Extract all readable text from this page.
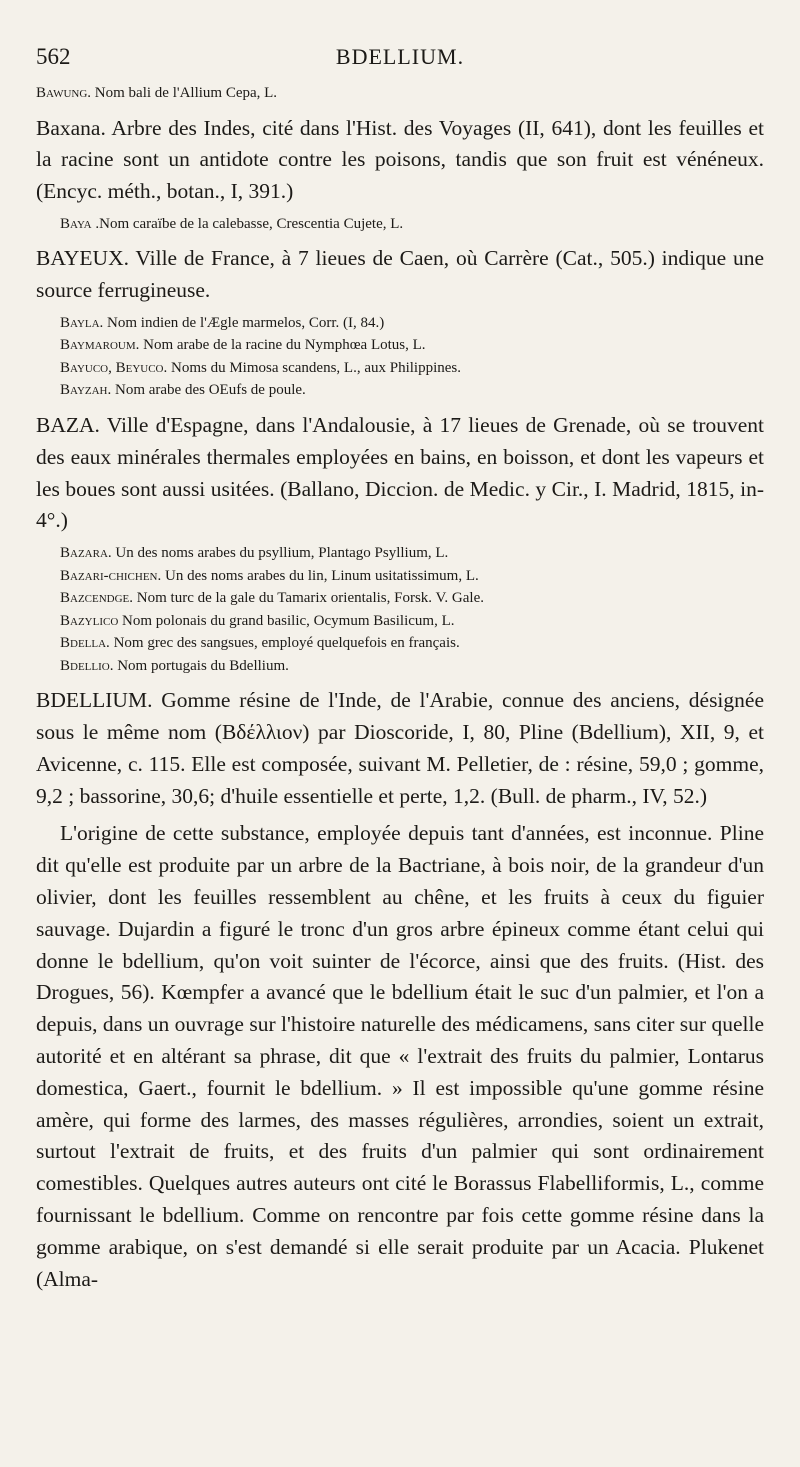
562	BDELLIUM.

Bawung. Nom bali de l'Allium Cepa, L.

Baxana. Arbre des Indes, cité dans l'Hist. des Voyages (II, 641), dont les feuilles et la racine sont un antidote contre les poisons, tandis que son fruit est vénéneux. (Encyc. méth., botan., I, 391.)

Baya .Nom caraïbe de la calebasse, Crescentia Cujete, L.

BAYEUX. Ville de France, à 7 lieues de Caen, où Carrère (Cat., 505.) indique une source ferrugineuse.

Bayla. Nom indien de l'Ægle marmelos, Corr. (I, 84.)

Baymaroum. Nom arabe de la racine du Nymphœa Lotus, L.

Bayuco, Beyuco. Noms du Mimosa scandens, L., aux Philippines.

Bayzah. Nom arabe des OEufs de poule.

BAZA. Ville d'Espagne, dans l'Andalousie, à 17 lieues de Grenade, où se trouvent des eaux minérales thermales employées en bains, en boisson, et dont les vapeurs et les boues sont aussi usitées. (Ballano, Diccion. de Medic. y Cir., I. Madrid, 1815, in-4°.)

Bazara. Un des noms arabes du psyllium, Plantago Psyllium, L.

Bazari-chichen. Un des noms arabes du lin, Linum usitatissimum, L.

Bazcendge. Nom turc de la gale du Tamarix orientalis, Forsk. V. Gale.

Bazylico Nom polonais du grand basilic, Ocymum Basilicum, L.

Bdella. Nom grec des sangsues, employé quelquefois en français.

Bdellio. Nom portugais du Bdellium.

BDELLIUM. Gomme résine de l'Inde, de l'Arabie, connue des anciens, désignée sous le même nom (Βδέλλιον) par Dioscoride, I, 80, Pline (Bdellium), XII, 9, et Avicenne, c. 115. Elle est composée, suivant M. Pelletier, de : résine, 59,0 ; gomme, 9,2 ; bassorine, 30,6; d'huile essentielle et perte, 1,2. (Bull. de pharm., IV, 52.)

L'origine de cette substance, employée depuis tant d'années, est inconnue. Pline dit qu'elle est produite par un arbre de la Bactriane, à bois noir, de la grandeur d'un olivier, dont les feuilles ressemblent au chêne, et les fruits à ceux du figuier sauvage. Dujardin a figuré le tronc d'un gros arbre épineux comme étant celui qui donne le bdellium, qu'on voit suinter de l'écorce, ainsi que des fruits. (Hist. des Drogues, 56). Kœmpfer a avancé que le bdellium était le suc d'un palmier, et l'on a depuis, dans un ouvrage sur l'histoire naturelle des médicamens, sans citer sur quelle autorité et en altérant sa phrase, dit que « l'extrait des fruits du palmier, Lontarus domestica, Gaert., fournit le bdellium. » Il est impossible qu'une gomme résine amère, qui forme des larmes, des masses régulières, arrondies, soient un extrait, surtout l'extrait de fruits, et des fruits d'un palmier qui sont ordinairement comestibles. Quelques autres auteurs ont cité le Borassus Flabelliformis, L., comme fournissant le bdellium. Comme on rencontre par fois cette gomme résine dans la gomme arabique, on s'est demandé si elle serait produite par un Acacia. Plukenet (Alma-
